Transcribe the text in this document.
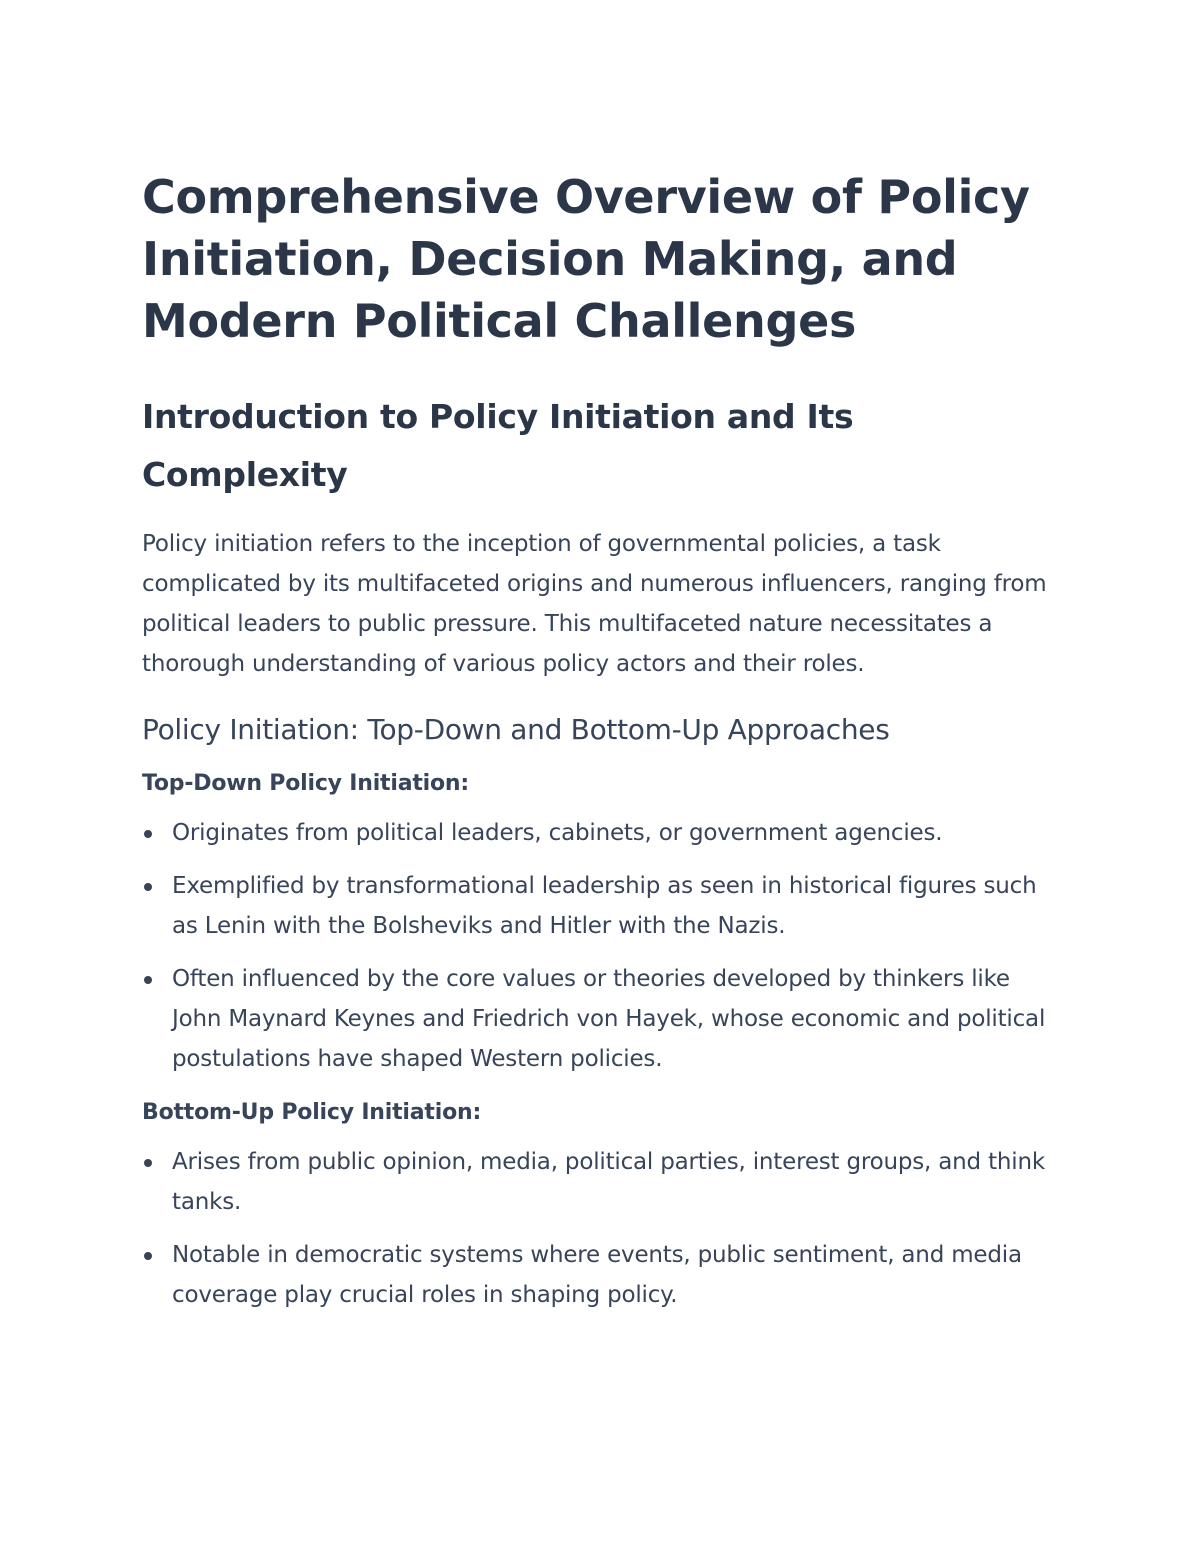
Comprehensive Overview of Policy Initiation, Decision Making, and Modern Political Challenges
Introduction to Policy Initiation and Its Complexity

Policy initiation refers to the inception of governmental policies, a task complicated by its multifaceted origins and numerous influencers, ranging from political leaders to public pressure. This multifaceted nature necessitates a thorough understanding of various policy actors and their roles.

Policy Initiation: Top-Down and Bottom-Up Approaches
Top-Down Policy Initiation:
Originates from political leaders, cabinets, or government agencies.
Exemplified by transformational leadership as seen in historical figures such as Lenin with the Bolsheviks and Hitler with the Nazis.
Often influenced by the core values or theories developed by thinkers like John Maynard Keynes and Friedrich von Hayek, whose economic and political postulations have shaped Western policies.
Bottom-Up Policy Initiation:
Arises from public opinion, media, political parties, interest groups, and think tanks.
Notable in democratic systems where events, public sentiment, and media coverage play crucial roles in shaping policy.
